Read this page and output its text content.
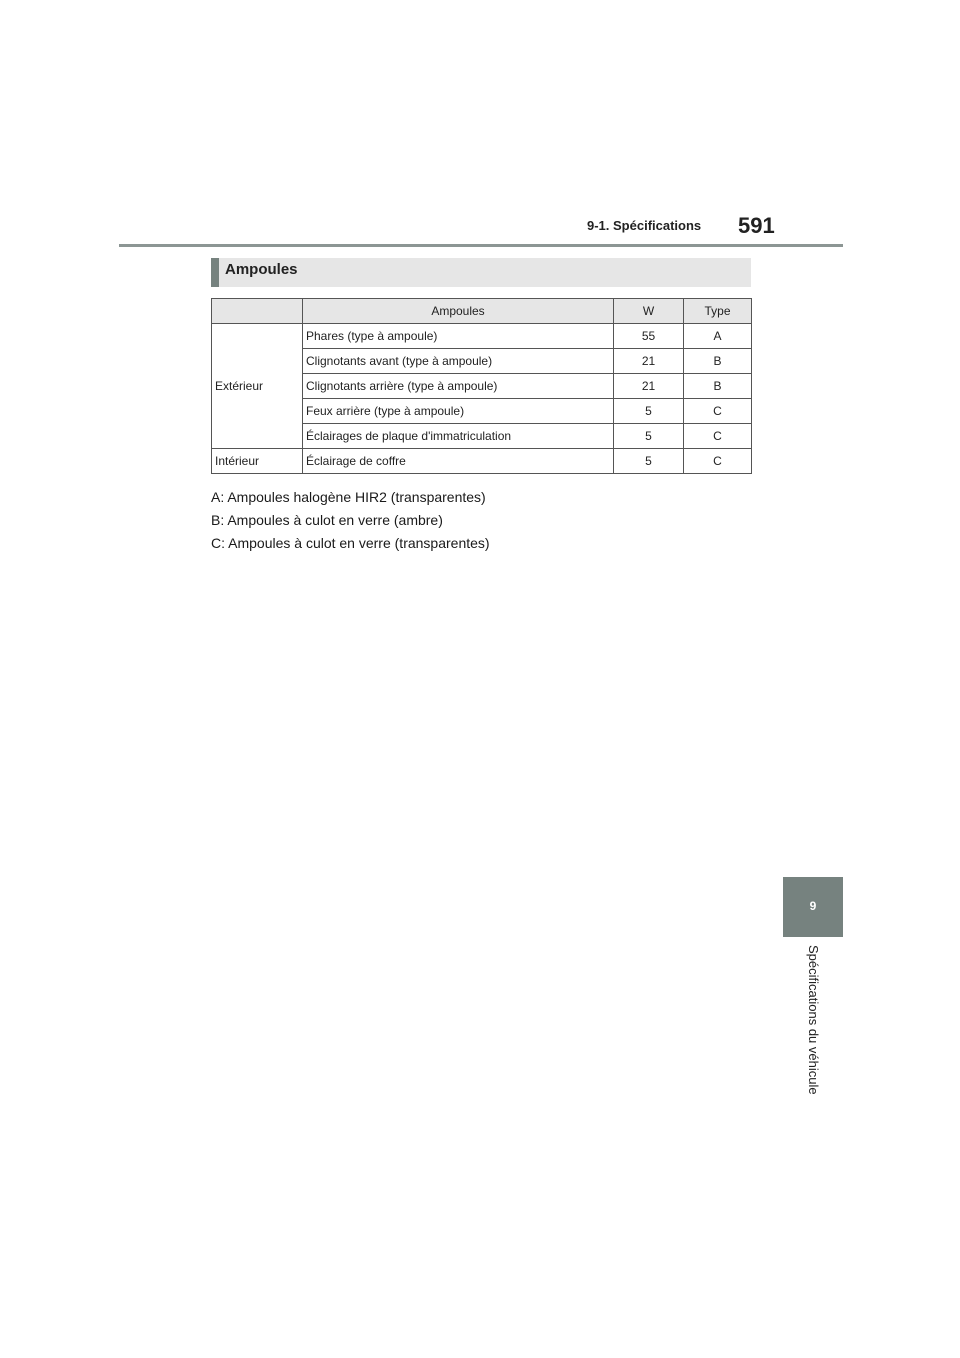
9-1. Spécifications 591
Ampoules
	Ampoules	W	Type
Extérieur	Phares (type à ampoule)	55	A
	Clignotants avant (type à ampoule)	21	B
	Clignotants arrière (type à ampoule)	21	B
	Feux arrière (type à ampoule)	5	C
	Éclairages de plaque d'immatriculation	5	C
Intérieur	Éclairage de coffre	5	C
A: Ampoules halogène HIR2 (transparentes)
B: Ampoules à culot en verre (ambre)
C: Ampoules à culot en verre (transparentes)
9
Spécifications du véhicule
